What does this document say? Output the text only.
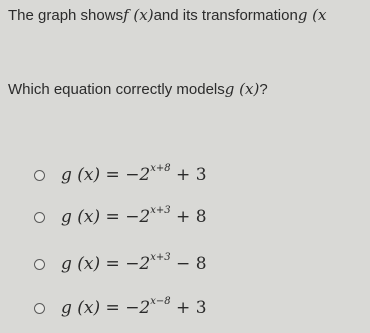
The graph showsf (x)and its transformationg (x
Which equation correctly modelsg (x)?
g $(x) = -2^{x+8} + 3$
g $(x) = -2^{x+3} + 8$
g $(x) = -2^{x+3} - 8$
g $(x) = -2^{x-8} + 3$
